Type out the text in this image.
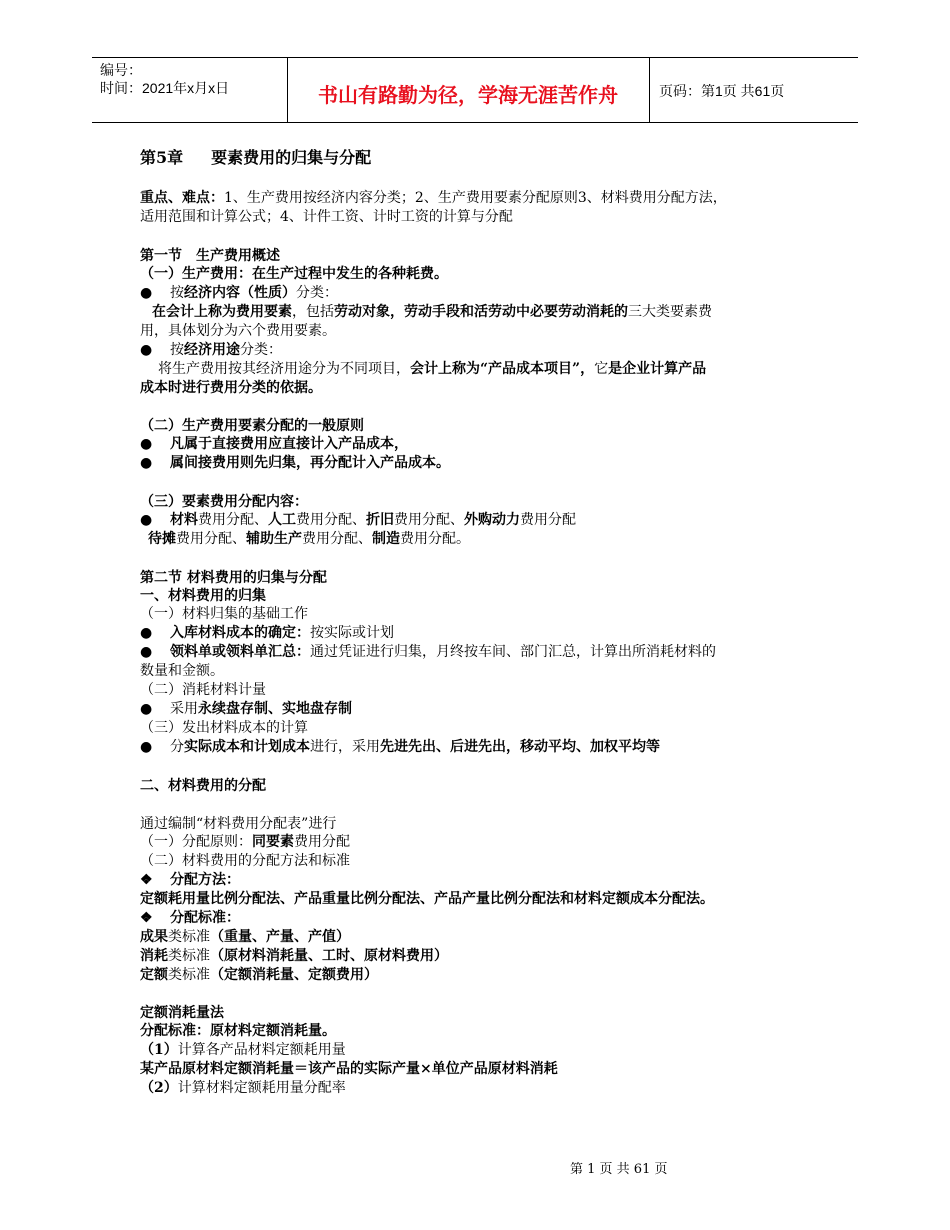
编号：
时间：2021年x月x日	书山有路勤为径，学海无涯苦作舟	页码：第1页 共61页
第5章 要素费用的归集与分配
重点、难点：1、生产费用按经济内容分类；2、生产费用要素分配原则3、材料费用分配方法，
适用范围和计算公式；4、计件工资、计时工资的计算与分配
第一节　生产费用概述
（一）生产费用：在生产过程中发生的各种耗费。
● 按经济内容（性质）分类：
在会计上称为费用要素，包括劳动对象，劳动手段和活劳动中必要劳动消耗的三大类要素费
用，具体划分为六个费用要素。
● 按经济用途分类：
将生产费用按其经济用途分为不同项目，会计上称为“产品成本项目”，它是企业计算产品
成本时进行费用分类的依据。
（二）生产费用要素分配的一般原则
● 凡属于直接费用应直接计入产品成本，
● 属间接费用则先归集，再分配计入产品成本。
（三）要素费用分配内容：
● 材料费用分配、人工费用分配、折旧费用分配、外购动力费用分配
待摊费用分配、辅助生产费用分配、制造费用分配。
第二节 材料费用的归集与分配
一、材料费用的归集
（一）材料归集的基础工作
● 入库材料成本的确定：按实际或计划
● 领料单或领料单汇总：通过凭证进行归集，月终按车间、部门汇总，计算出所消耗材料的
数量和金额。
（二）消耗材料计量
● 采用永续盘存制、实地盘存制
（三）发出材料成本的计算
● 分实际成本和计划成本进行，采用先进先出、后进先出，移动平均、加权平均等
二、材料费用的分配
通过编制“材料费用分配表”进行
（一）分配原则：同要素费用分配
（二）材料费用的分配方法和标准
❖ 分配方法：
定额耗用量比例分配法、产品重量比例分配法、产品产量比例分配法和材料定额成本分配法。
❖ 分配标准：
成果类标准（重量、产量、产值）
消耗类标准（原材料消耗量、工时、原材料费用）
定额类标准（定额消耗量、定额费用）
定额消耗量法
分配标准：原材料定额消耗量。
（1）计算各产品材料定额耗用量
某产品原材料定额消耗量＝该产品的实际产量×单位产品原材料消耗
（2）计算材料定额耗用量分配率
第 1 页 共 61 页
